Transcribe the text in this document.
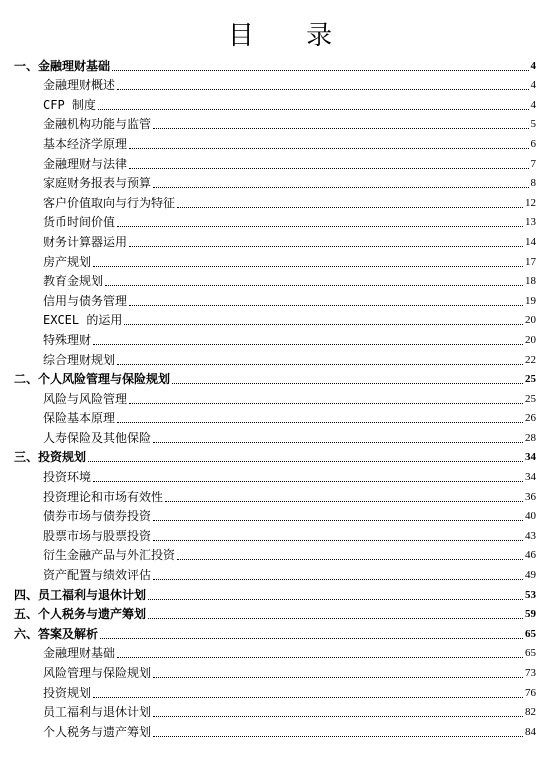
目 录
一、金融理财基础	4
金融理财概述	4
CFP 制度	4
金融机构功能与监管	5
基本经济学原理	6
金融理财与法律	7
家庭财务报表与预算	8
客户价值取向与行为特征	12
货币时间价值	13
财务计算器运用	14
房产规划	17
教育金规划	18
信用与债务管理	19
EXCEL 的运用	20
特殊理财	20
综合理财规划	22
二、个人风险管理与保险规划	25
风险与风险管理	25
保险基本原理	26
人寿保险及其他保险	28
三、投资规划	34
投资环境	34
投资理论和市场有效性	36
债券市场与债券投资	40
股票市场与股票投资	43
衍生金融产品与外汇投资	46
资产配置与绩效评估	49
四、员工福利与退休计划	53
五、个人税务与遗产筹划	59
六、答案及解析	65
金融理财基础	65
风险管理与保险规划	73
投资规划	76
员工福利与退休计划	82
个人税务与遗产筹划	84
